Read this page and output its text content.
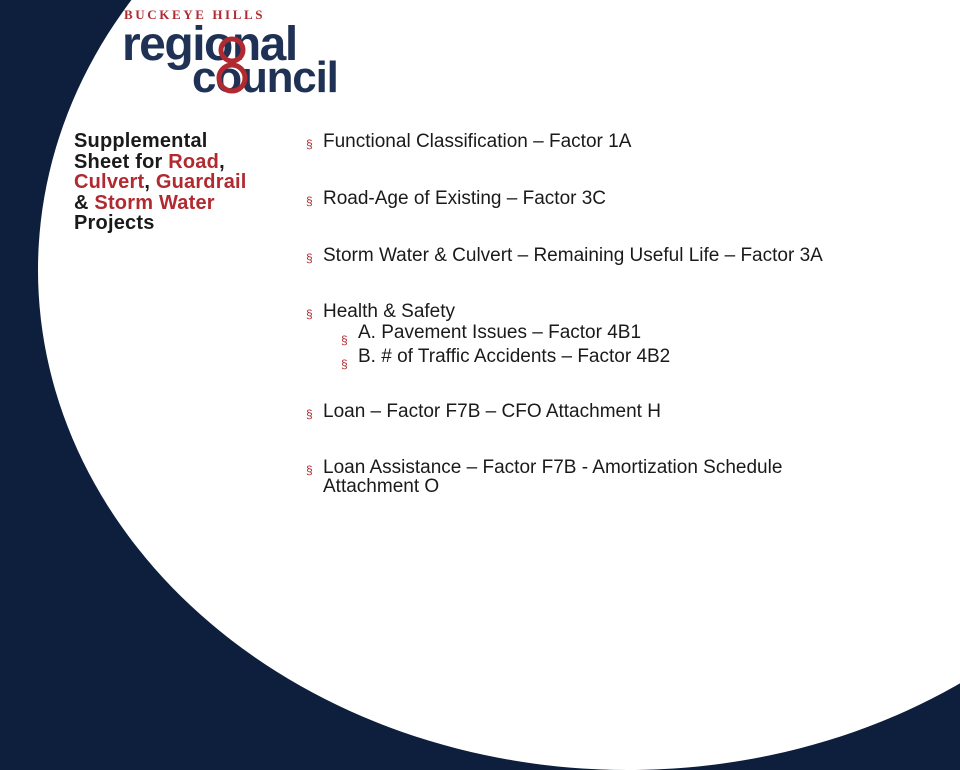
BUCKEYE HILLS
regional
council
Supplemental
Sheet for Road,
Culvert, Guardrail
& Storm Water
Projects

§ Functional Classification – Factor 1A

§ Road-Age of Existing – Factor 3C

§ Storm Water & Culvert – Remaining Useful Life – Factor 3A

§ Health & Safety

§ A. Pavement Issues – Factor 4B1
§ B. # of Traffic Accidents – Factor 4B2

§ Loan – Factor F7B – CFO Attachment H

§ Loan Assistance – Factor F7B - Amortization Schedule Attachment O
